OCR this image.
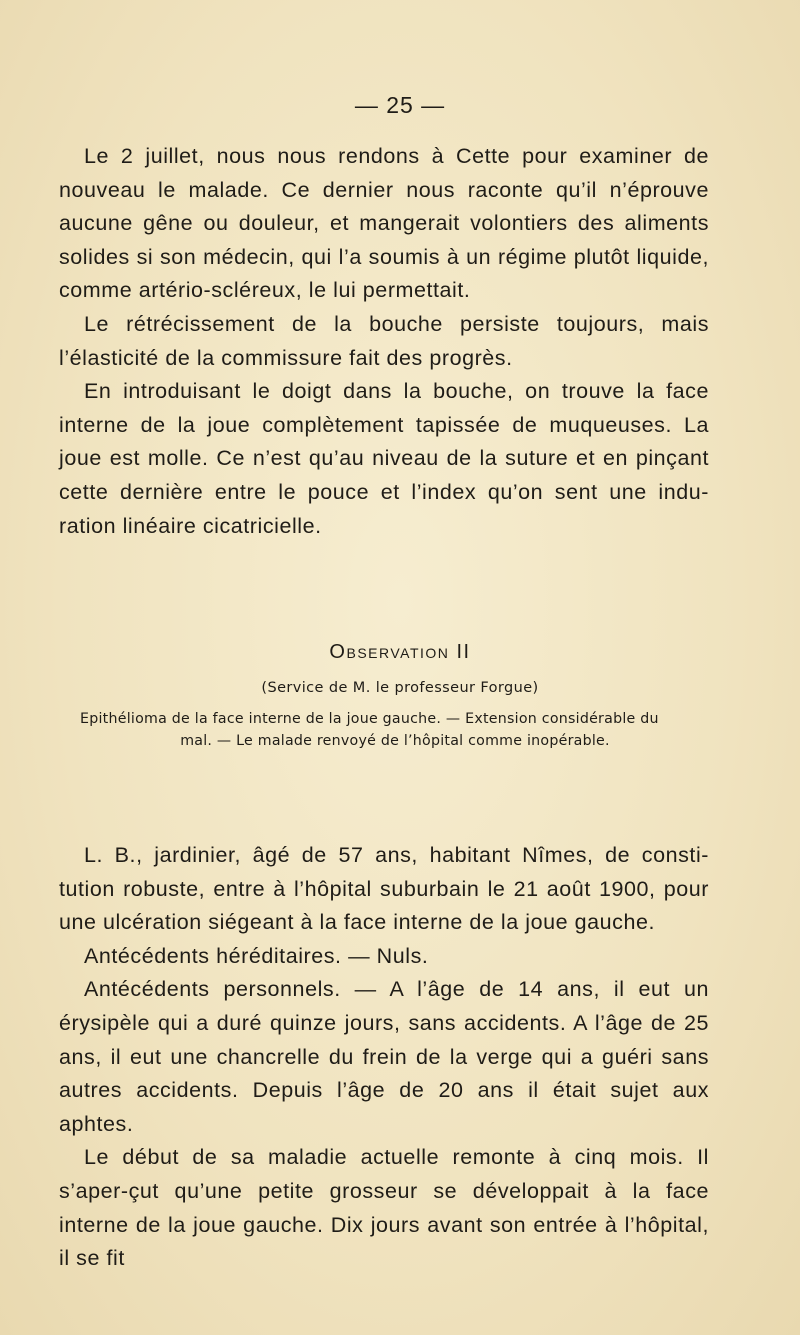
— 25 —

Le 2 juillet, nous nous rendons à Cette pour examiner de nouveau le malade. Ce dernier nous raconte qu’il n’éprouve aucune gêne ou douleur, et mangerait volontiers des aliments solides si son médecin, qui l’a soumis à un régime plutôt liquide, comme artério-scléreux, le lui permettait.

Le rétrécissement de la bouche persiste toujours, mais l’élasticité de la commissure fait des progrès.

En introduisant le doigt dans la bouche, on trouve la face interne de la joue complètement tapissée de muqueuses. La joue est molle. Ce n’est qu’au niveau de la suture et en pinçant cette dernière entre le pouce et l’index qu’on sent une indu-ration linéaire cicatricielle.

Observation II
(Service de M. le professeur Forgue)
Epithélioma de la face interne de la joue gauche. — Extension considérable du
mal. — Le malade renvoyé de l’hôpital comme inopérable.

L. B., jardinier, âgé de 57 ans, habitant Nîmes, de consti-tution robuste, entre à l’hôpital suburbain le 21 août 1900, pour une ulcération siégeant à la face interne de la joue gauche.

Antécédents héréditaires. — Nuls.

Antécédents personnels. — A l’âge de 14 ans, il eut un érysipèle qui a duré quinze jours, sans accidents. A l’âge de 25 ans, il eut une chancrelle du frein de la verge qui a guéri sans autres accidents. Depuis l’âge de 20 ans il était sujet aux aphtes.

Le début de sa maladie actuelle remonte à cinq mois. Il s’aper-çut qu’une petite grosseur se développait à la face interne de la joue gauche. Dix jours avant son entrée à l’hôpital, il se fit
